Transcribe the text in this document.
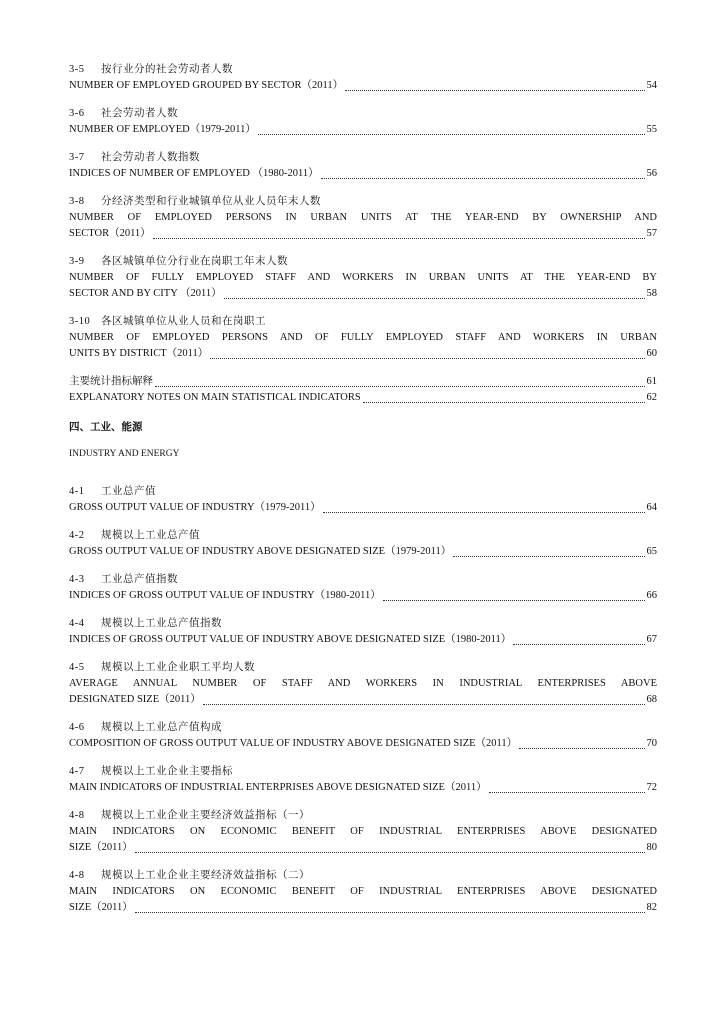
3-5 按行业分的社会劳动者人数
NUMBER OF EMPLOYED GROUPED BY SECTOR（2011）	54
3-6 社会劳动者人数
NUMBER OF EMPLOYED（1979-2011）	55
3-7 社会劳动者人数指数
INDICES OF NUMBER OF EMPLOYED （1980-2011）	56
3-8 分经济类型和行业城镇单位从业人员年末人数
NUMBER OF EMPLOYED PERSONS IN URBAN UNITS AT THE YEAR-END BY OWNERSHIP AND
SECTOR（2011）	57
3-9 各区城镇单位分行业在岗职工年末人数
NUMBER OF FULLY EMPLOYED STAFF AND WORKERS IN URBAN UNITS AT THE YEAR-END BY
SECTOR AND BY CITY （2011）	58
3-10 各区城镇单位从业人员和在岗职工
NUMBER OF EMPLOYED PERSONS AND OF FULLY EMPLOYED STAFF AND WORKERS IN URBAN
UNITS BY DISTRICT（2011）	60
主要统计指标解释	61
EXPLANATORY NOTES ON MAIN STATISTICAL INDICATORS	62
四、工业、能源
INDUSTRY AND ENERGY
4-1 工业总产值
GROSS OUTPUT VALUE OF INDUSTRY（1979-2011）	64
4-2 规模以上工业总产值
GROSS OUTPUT VALUE OF INDUSTRY ABOVE DESIGNATED SIZE（1979-2011）	65
4-3 工业总产值指数
INDICES OF GROSS OUTPUT VALUE OF INDUSTRY（1980-2011）	66
4-4 规模以上工业总产值指数
INDICES OF GROSS OUTPUT VALUE OF INDUSTRY ABOVE DESIGNATED SIZE（1980-2011）	67
4-5 规模以上工业企业职工平均人数
AVERAGE ANNUAL NUMBER OF STAFF AND WORKERS IN INDUSTRIAL ENTERPRISES ABOVE
DESIGNATED SIZE（2011）	68
4-6 规模以上工业总产值构成
COMPOSITION OF GROSS OUTPUT VALUE OF INDUSTRY ABOVE DESIGNATED SIZE（2011）	70
4-7 规模以上工业企业主要指标
MAIN INDICATORS OF INDUSTRIAL ENTERPRISES ABOVE DESIGNATED SIZE（2011）	72
4-8 规模以上工业企业主要经济效益指标（一）
MAIN INDICATORS ON ECONOMIC BENEFIT OF INDUSTRIAL ENTERPRISES ABOVE DESIGNATED
SIZE（2011）	80
4-8 规模以上工业企业主要经济效益指标（二）
MAIN INDICATORS ON ECONOMIC BENEFIT OF INDUSTRIAL ENTERPRISES ABOVE DESIGNATED
SIZE（2011）	82
